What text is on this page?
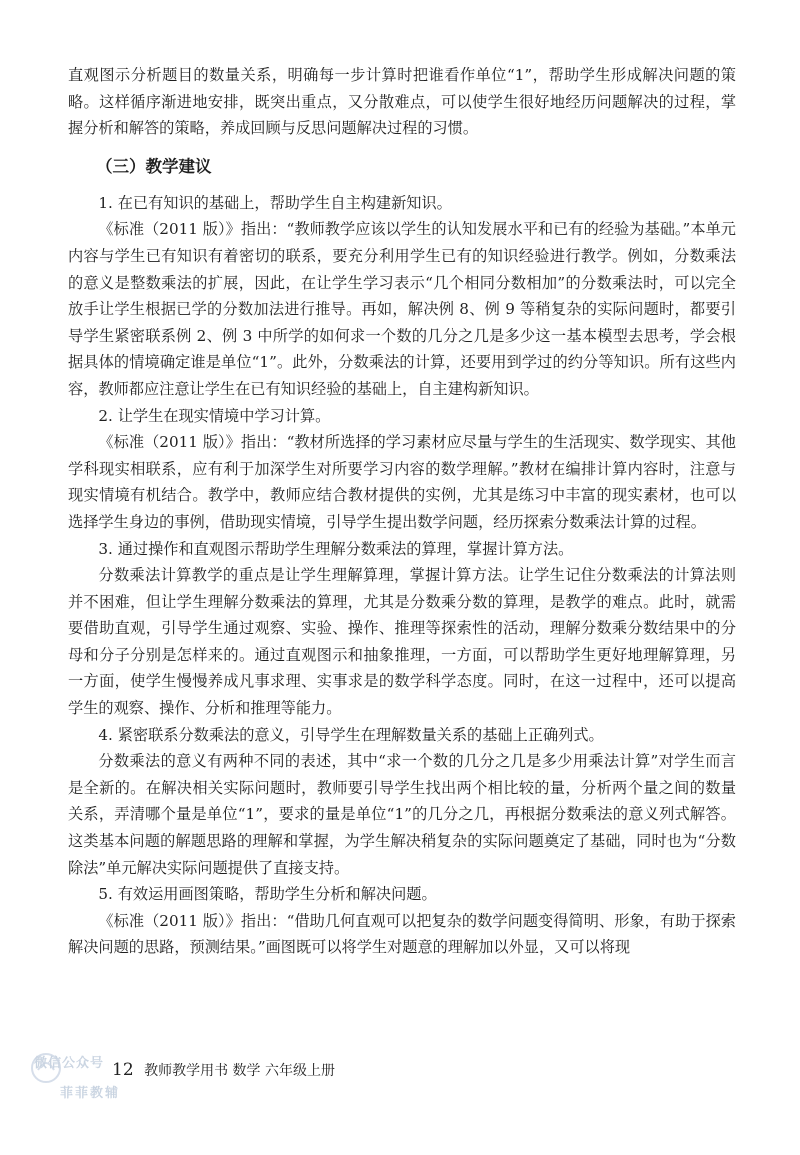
直观图示分析题目的数量关系，明确每一步计算时把谁看作单位“1”，帮助学生形成解决问题的策略。这样循序渐进地安排，既突出重点，又分散难点，可以使学生很好地经历问题解决的过程，掌握分析和解答的策略，养成回顾与反思问题解决过程的习惯。

（三）教学建议

1. 在已有知识的基础上，帮助学生自主构建新知识。

《标准（2011 版）》指出：“教师教学应该以学生的认知发展水平和已有的经验为基础。”本单元内容与学生已有知识有着密切的联系，要充分利用学生已有的知识经验进行教学。例如，分数乘法的意义是整数乘法的扩展，因此，在让学生学习表示“几个相同分数相加”的分数乘法时，可以完全放手让学生根据已学的分数加法进行推导。再如，解决例 8、例 9 等稍复杂的实际问题时，都要引导学生紧密联系例 2、例 3 中所学的如何求一个数的几分之几是多少这一基本模型去思考，学会根据具体的情境确定谁是单位“1”。此外，分数乘法的计算，还要用到学过的约分等知识。所有这些内容，教师都应注意让学生在已有知识经验的基础上，自主建构新知识。

2. 让学生在现实情境中学习计算。

《标准（2011 版）》指出：“教材所选择的学习素材应尽量与学生的生活现实、数学现实、其他学科现实相联系，应有利于加深学生对所要学习内容的数学理解。”教材在编排计算内容时，注意与现实情境有机结合。教学中，教师应结合教材提供的实例，尤其是练习中丰富的现实素材，也可以选择学生身边的事例，借助现实情境，引导学生提出数学问题，经历探索分数乘法计算的过程。

3. 通过操作和直观图示帮助学生理解分数乘法的算理，掌握计算方法。

分数乘法计算教学的重点是让学生理解算理，掌握计算方法。让学生记住分数乘法的计算法则并不困难，但让学生理解分数乘法的算理，尤其是分数乘分数的算理，是教学的难点。此时，就需要借助直观，引导学生通过观察、实验、操作、推理等探索性的活动，理解分数乘分数结果中的分母和分子分别是怎样来的。通过直观图示和抽象推理，一方面，可以帮助学生更好地理解算理，另一方面，使学生慢慢养成凡事求理、实事求是的数学科学态度。同时，在这一过程中，还可以提高学生的观察、操作、分析和推理等能力。

4. 紧密联系分数乘法的意义，引导学生在理解数量关系的基础上正确列式。

分数乘法的意义有两种不同的表述，其中“求一个数的几分之几是多少用乘法计算”对学生而言是全新的。在解决相关实际问题时，教师要引导学生找出两个相比较的量，分析两个量之间的数量关系，弄清哪个量是单位“1”，要求的量是单位“1”的几分之几，再根据分数乘法的意义列式解答。这类基本问题的解题思路的理解和掌握，为学生解决稍复杂的实际问题奠定了基础，同时也为“分数除法”单元解决实际问题提供了直接支持。

5. 有效运用画图策略，帮助学生分析和解决问题。

《标准（2011 版）》指出：“借助几何直观可以把复杂的数学问题变得简明、形象，有助于探索解决问题的思路，预测结果。”画图既可以将学生对题意的理解加以外显，又可以将现

微信公众号
菲菲教辅
12 教师教学用书 数学 六年级上册
